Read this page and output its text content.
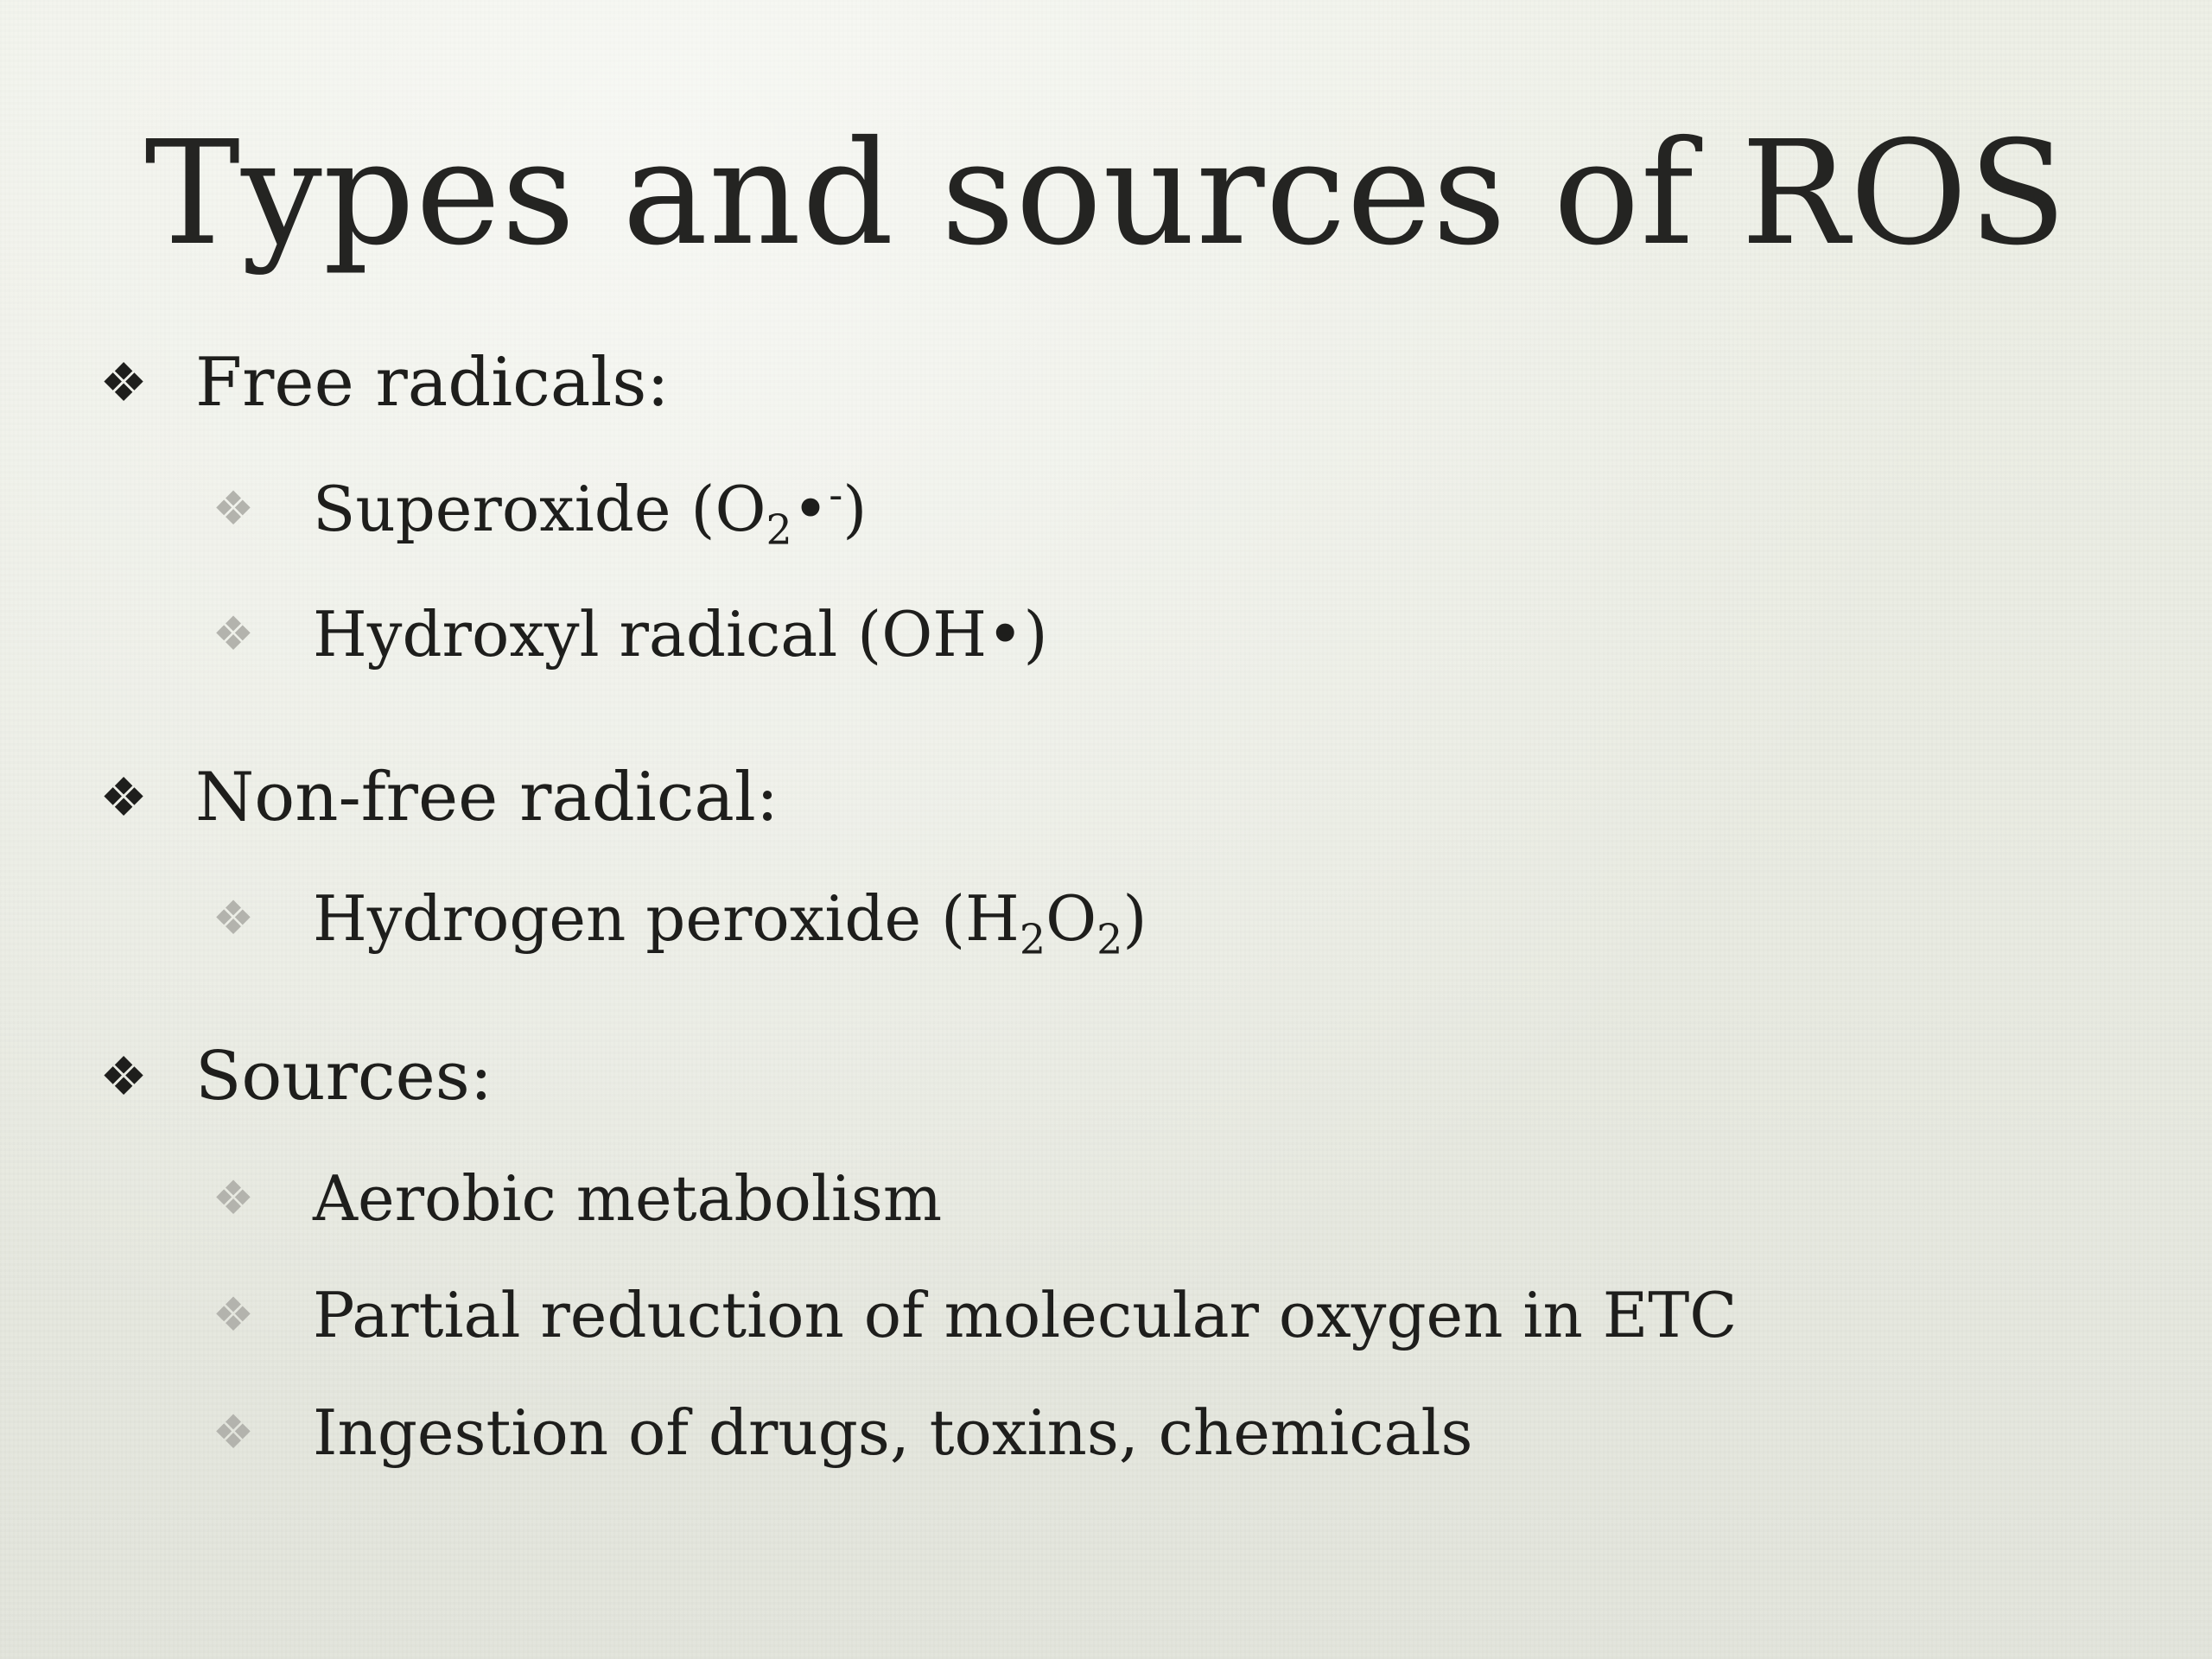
Types and sources of ROS
❖ Free radicals:
❖ Superoxide $(O_2•^-)$
❖ Hydroxyl radical (OH•)
❖ Non-free radical:
❖ Hydrogen peroxide $(H_2O_2)$
❖ Sources:
❖ Aerobic metabolism
❖ Partial reduction of molecular oxygen in ETC
❖ Ingestion of drugs, toxins, chemicals
